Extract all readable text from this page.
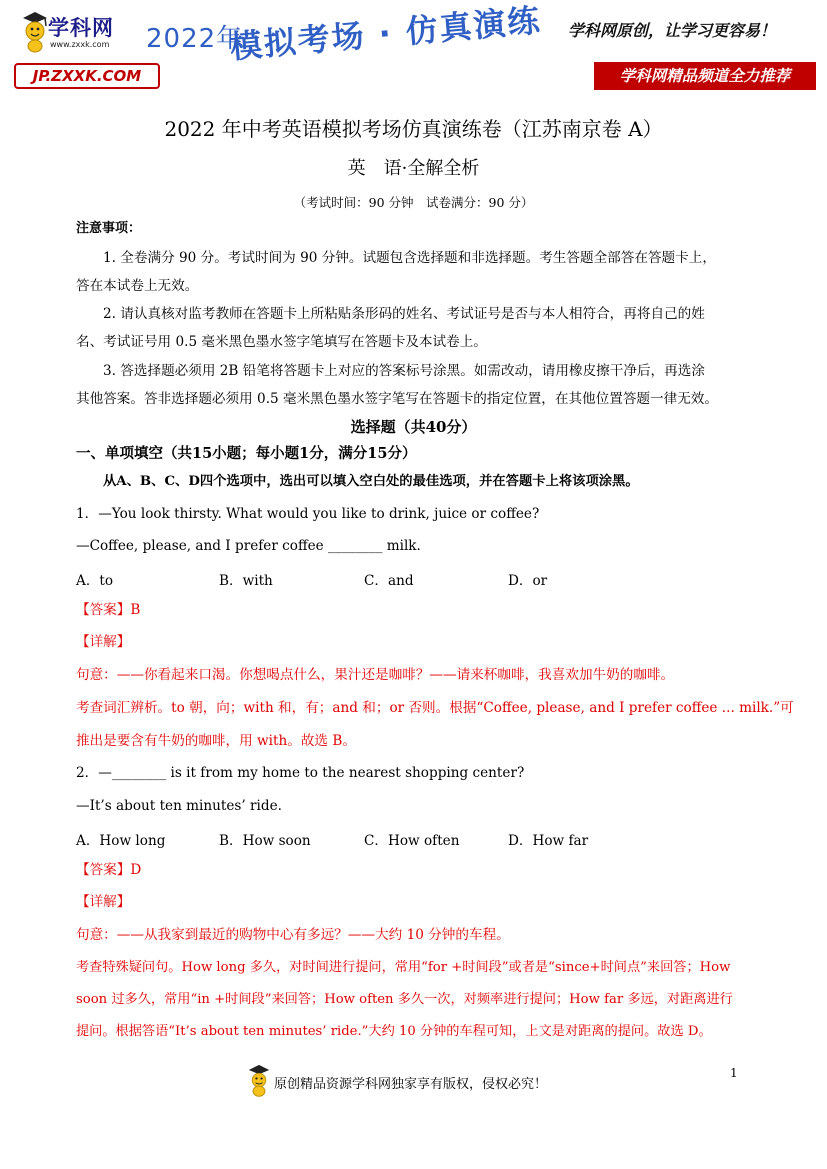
学科网
www.zxxk.com 2022年
模拟考场 · 仿真演练	学科网原创，让学习更容易！
JP.ZXXK.COM	学科网精品频道全力推荐
2022 年中考英语模拟考场仿真演练卷（江苏南京卷 A）
英　语·全解全析
（考试时间：90 分钟　试卷满分：90 分）
注意事项：
1. 全卷满分 90 分。考试时间为 90 分钟。试题包含选择题和非选择题。考生答题全部答在答题卡上，
答在本试卷上无效。
2. 请认真核对监考教师在答题卡上所粘贴条形码的姓名、考试证号是否与本人相符合，再将自己的姓
名、考试证号用 0.5 毫米黑色墨水签字笔填写在答题卡及本试卷上。
3. 答选择题必须用 2B 铅笔将答题卡上对应的答案标号涂黑。如需改动，请用橡皮擦干净后，再选涂
其他答案。答非选择题必须用 0.5 毫米黑色墨水签字笔写在答题卡的指定位置，在其他位置答题一律无效。
选择题（共40分）
一、单项填空（共15小题；每小题1分，满分15分）
从A、B、C、D四个选项中，选出可以填入空白处的最佳选项，并在答题卡上将该项涂黑。
1．—You look thirsty. What would you like to drink, juice or coffee?
—Coffee, please, and I prefer coffee ________ milk.
A．to	B．with	C．and	D．or
【答案】B
【详解】
句意：——你看起来口渴。你想喝点什么，果汁还是咖啡？——请来杯咖啡，我喜欢加牛奶的咖啡。
考查词汇辨析。to 朝，向；with 和，有；and 和；or 否则。根据“Coffee, please, and I prefer coffee ... milk.”可
推出是要含有牛奶的咖啡，用 with。故选 B。
2．—________ is it from my home to the nearest shopping center?
—It’s about ten minutes’ ride.
A．How long	B．How soon	C．How often	D．How far
【答案】D
【详解】
句意：——从我家到最近的购物中心有多远？——大约 10 分钟的车程。
考查特殊疑问句。How long 多久，对时间进行提问，常用“for +时间段”或者是“since+时间点”来回答；How
soon 过多久，常用“in +时间段”来回答；How often 多久一次，对频率进行提问；How far 多远，对距离进行
提问。根据答语“It’s about ten minutes’ ride.”大约 10 分钟的车程可知，上文是对距离的提问。故选 D。
原创精品资源学科网独家享有版权，侵权必究！
1
